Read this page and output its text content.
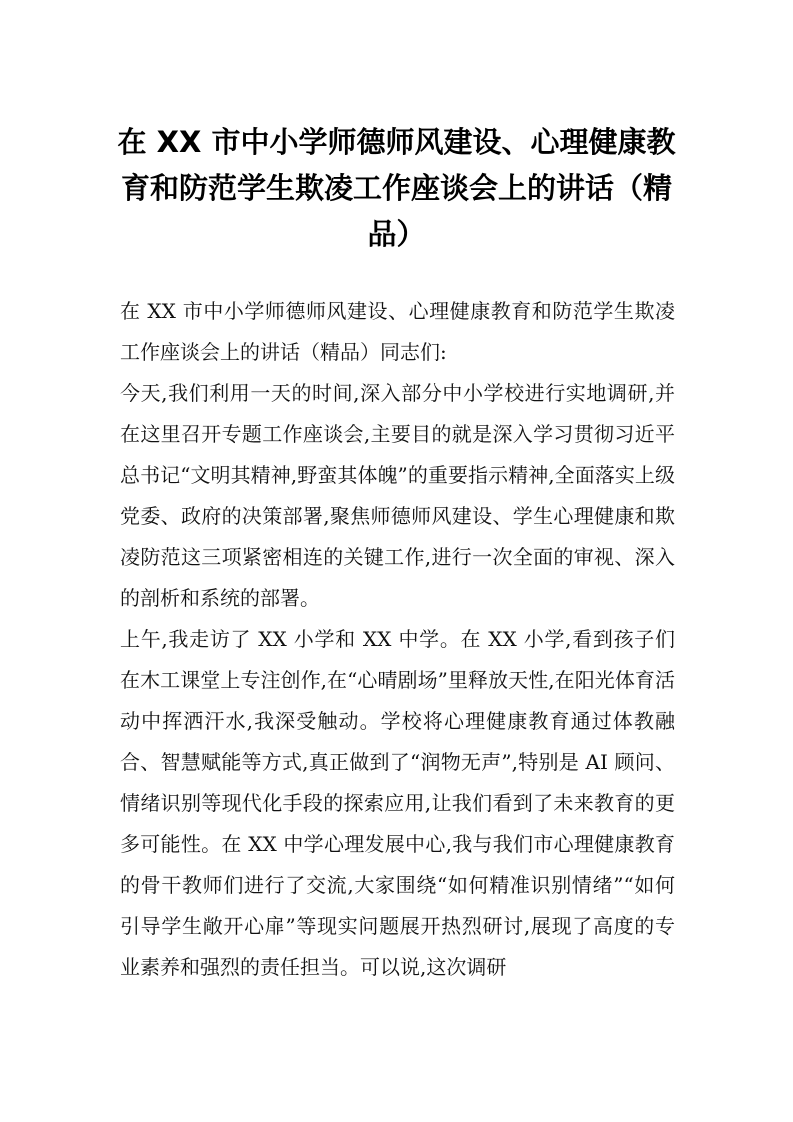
在 XX 市中小学师德师风建设、心理健康教育和防范学生欺凌工作座谈会上的讲话（精品）

在 XX 市中小学师德师风建设、心理健康教育和防范学生欺凌工作座谈会上的讲话（精品）同志们:

今天,我们利用一天的时间,深入部分中小学校进行实地调研,并在这里召开专题工作座谈会,主要目的就是深入学习贯彻习近平总书记“文明其精神,野蛮其体魄”的重要指示精神,全面落实上级党委、政府的决策部署,聚焦师德师风建设、学生心理健康和欺凌防范这三项紧密相连的关键工作,进行一次全面的审视、深入的剖析和系统的部署。

上午,我走访了 XX 小学和 XX 中学。在 XX 小学,看到孩子们在木工课堂上专注创作,在“心晴剧场”里释放天性,在阳光体育活动中挥洒汗水,我深受触动。学校将心理健康教育通过体教融合、智慧赋能等方式,真正做到了“润物无声”,特别是 AI 顾问、情绪识别等现代化手段的探索应用,让我们看到了未来教育的更多可能性。在 XX 中学心理发展中心,我与我们市心理健康教育的骨干教师们进行了交流,大家围绕“如何精准识别情绪”“如何引导学生敞开心扉”等现实问题展开热烈研讨,展现了高度的专业素养和强烈的责任担当。可以说,这次调研
